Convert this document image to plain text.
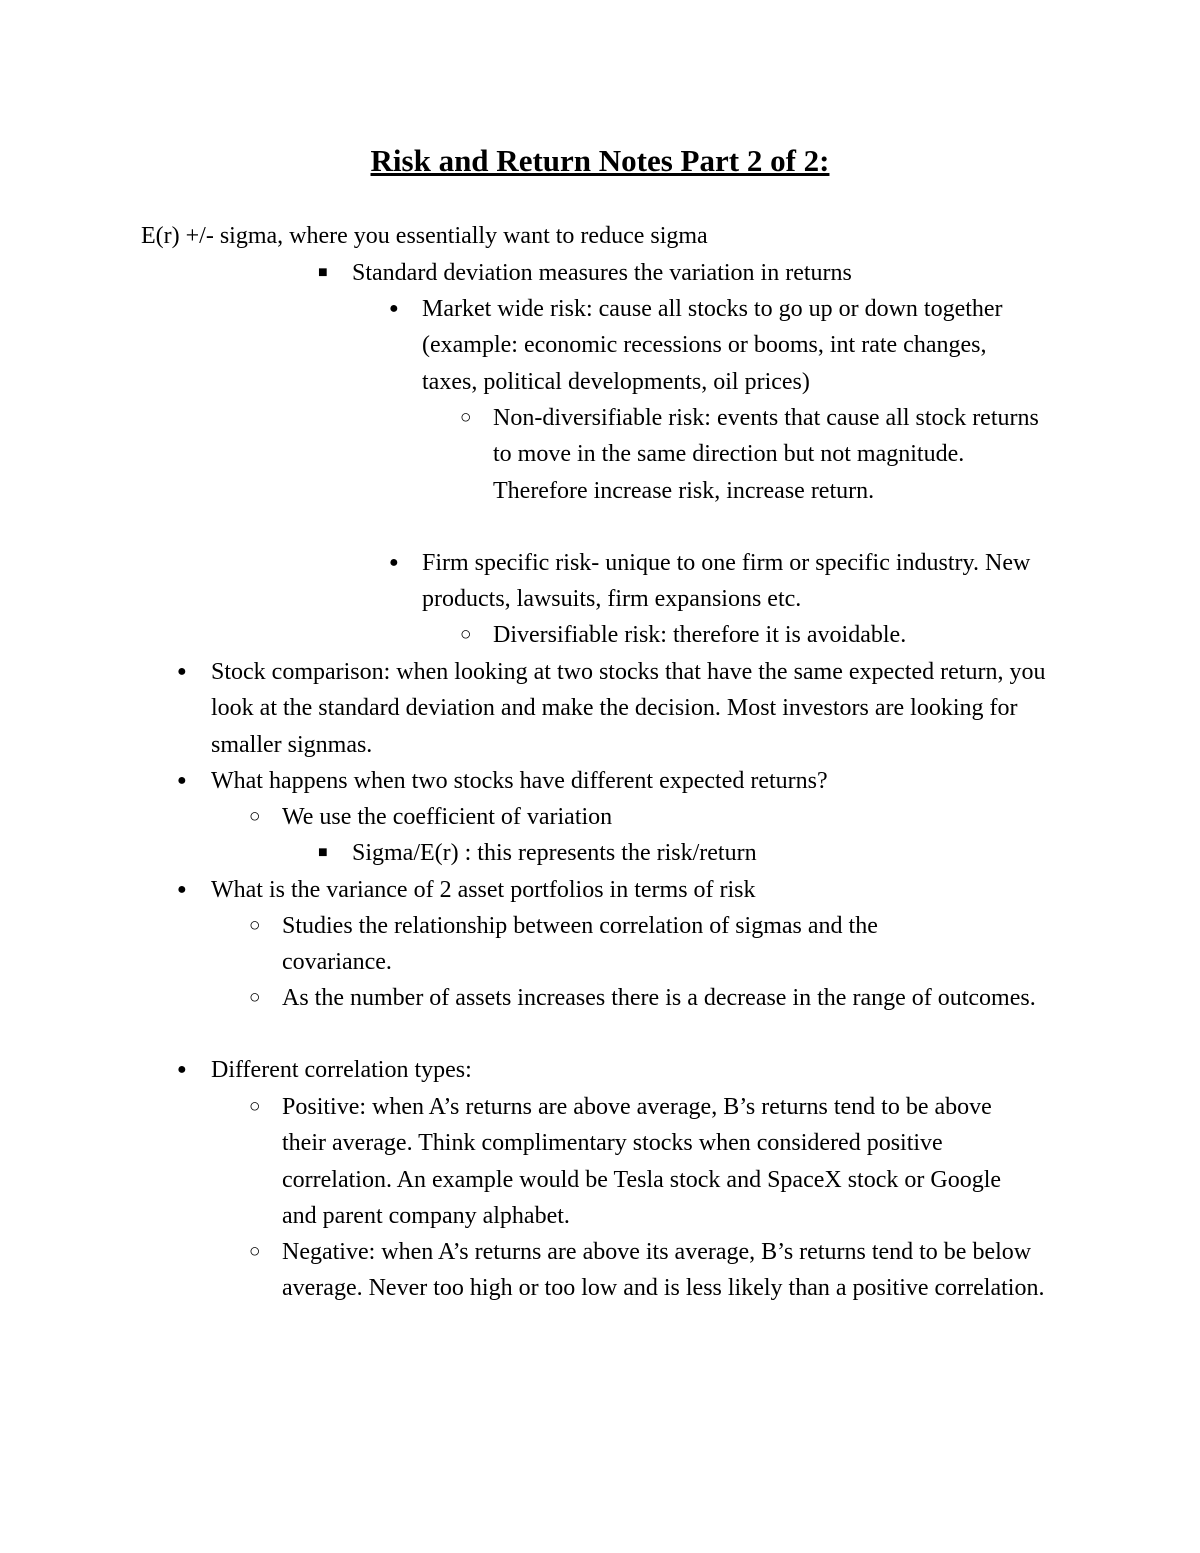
Risk and Return Notes Part 2 of 2:
E(r) +/- sigma, where you essentially want to reduce sigma
■ Standard deviation measures the variation in returns
● Market wide risk: cause all stocks to go up or down together (example: economic recessions or booms, int rate changes, taxes, political developments, oil prices)
○ Non-diversifiable risk: events that cause all stock returns to move in the same direction but not magnitude. Therefore increase risk, increase return.
● Firm specific risk- unique to one firm or specific industry. New products, lawsuits, firm expansions etc.
○ Diversifiable risk: therefore it is avoidable.
● Stock comparison: when looking at two stocks that have the same expected return, you look at the standard deviation and make the decision. Most investors are looking for smaller signmas.
● What happens when two stocks have different expected returns?
○ We use the coefficient of variation
■ Sigma/E(r) : this represents the risk/return
● What is the variance of 2 asset portfolios in terms of risk
○ Studies the relationship between correlation of sigmas and the covariance.
○ As the number of assets increases there is a decrease in the range of outcomes.
● Different correlation types:
○ Positive: when A’s returns are above average, B’s returns tend to be above their average. Think complimentary stocks when considered positive correlation. An example would be Tesla stock and SpaceX stock or Google and parent company alphabet.
○ Negative: when A’s returns are above its average, B’s returns tend to be below average. Never too high or too low and is less likely than a positive correlation.
